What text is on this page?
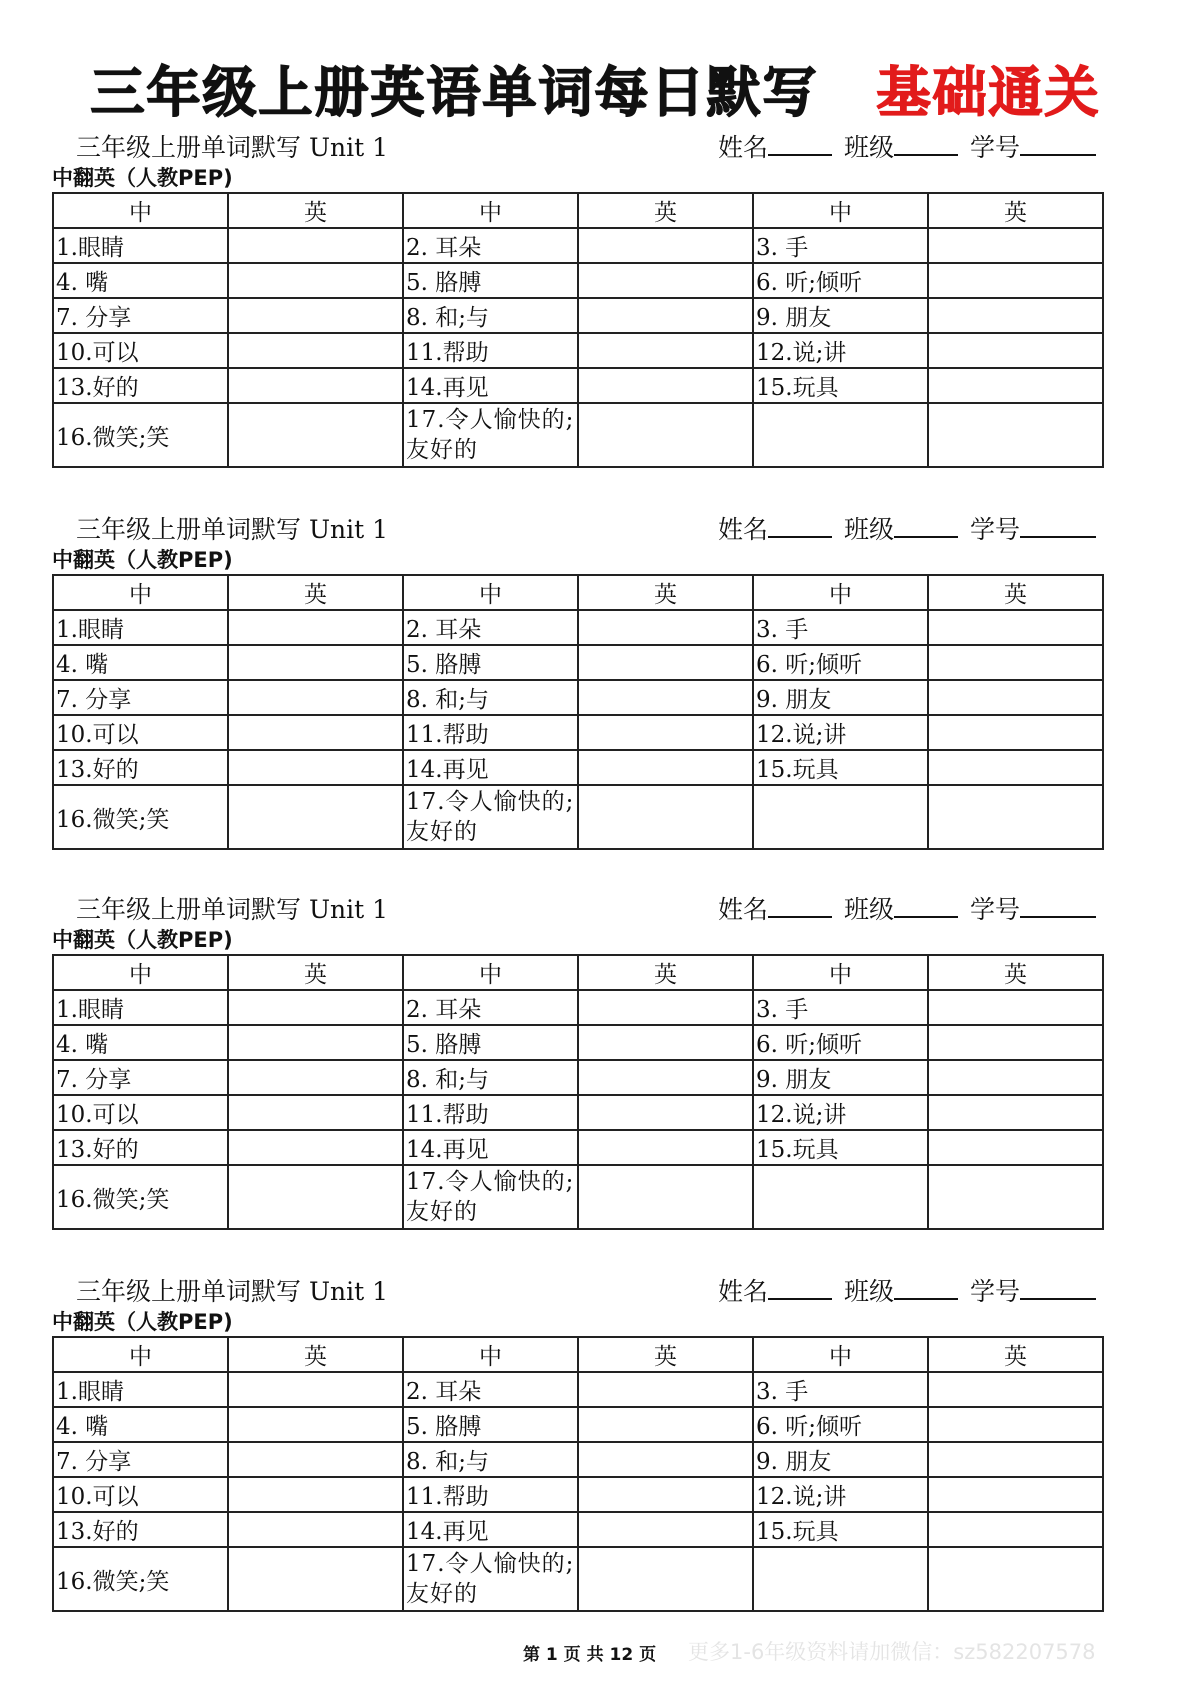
三年级上册英语单词每日默写 基础通关
三年级上册单词默写 Unit 1	姓名	班级	学号
中翻英（人教PEP)
中	英	中	英	中	英
1.眼睛		2. 耳朵		3. 手	
4. 嘴		5. 胳膊		6. 听;倾听	
7. 分享		8. 和;与		9. 朋友	
10.可以		11.帮助		12.说;讲	
13.好的		14.再见		15.玩具	
16.微笑;笑		17.令人愉快的;友好的			
三年级上册单词默写 Unit 1	姓名	班级	学号
中翻英（人教PEP)
中	英	中	英	中	英
1.眼睛		2. 耳朵		3. 手	
4. 嘴		5. 胳膊		6. 听;倾听	
7. 分享		8. 和;与		9. 朋友	
10.可以		11.帮助		12.说;讲	
13.好的		14.再见		15.玩具	
16.微笑;笑		17.令人愉快的;友好的			
三年级上册单词默写 Unit 1	姓名	班级	学号
中翻英（人教PEP)
中	英	中	英	中	英
1.眼睛		2. 耳朵		3. 手	
4. 嘴		5. 胳膊		6. 听;倾听	
7. 分享		8. 和;与		9. 朋友	
10.可以		11.帮助		12.说;讲	
13.好的		14.再见		15.玩具	
16.微笑;笑		17.令人愉快的;友好的			
三年级上册单词默写 Unit 1	姓名	班级	学号
中翻英（人教PEP)
中	英	中	英	中	英
1.眼睛		2. 耳朵		3. 手	
4. 嘴		5. 胳膊		6. 听;倾听	
7. 分享		8. 和;与		9. 朋友	
10.可以		11.帮助		12.说;讲	
13.好的		14.再见		15.玩具	
16.微笑;笑		17.令人愉快的;友好的			
第 1 页 共 12 页 更多1-6年级资料请加微信：sz582207578
